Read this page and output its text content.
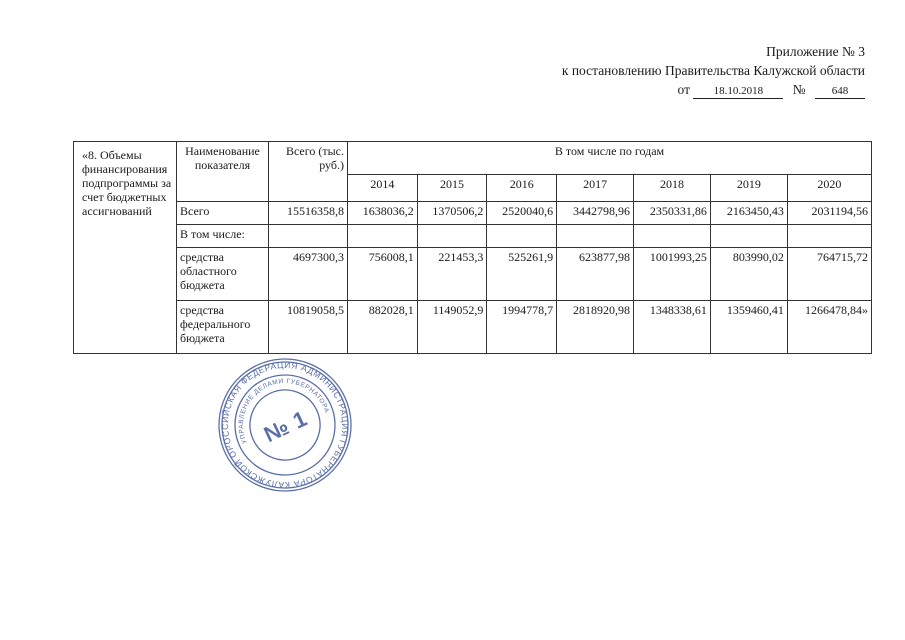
Приложение № 3
к постановлению Правительства Калужской области
от 18.10.2018 № 648
«8. Объемы финансирования подпрограммы за счет бюджетных ассигнований	Наименование показателя	Всего (тыс. руб.)	В том числе по годам						
			2014	2015	2016	2017	2018	2019	2020
	Всего	15516358,8	1638036,2	1370506,2	2520040,6	3442798,96	2350331,86	2163450,43	2031194,56
	В том числе:								
	средства областного бюджета	4697300,3	756008,1	221453,3	525261,9	623877,98	1001993,25	803990,02	764715,72
	средства федерального бюджета	10819058,5	882028,1	1149052,9	1994778,7	2818920,98	1348338,61	1359460,41	1266478,84»
РОССИЙСКАЯ ФЕДЕРАЦИЯ АДМИНИСТРАЦИЯ ГУБЕРНАТОРА КАЛУЖСКОЙ ОБЛАСТИ
УПРАВЛЕНИЕ ДЕЛАМИ ГУБЕРНАТОРА
№ 1
